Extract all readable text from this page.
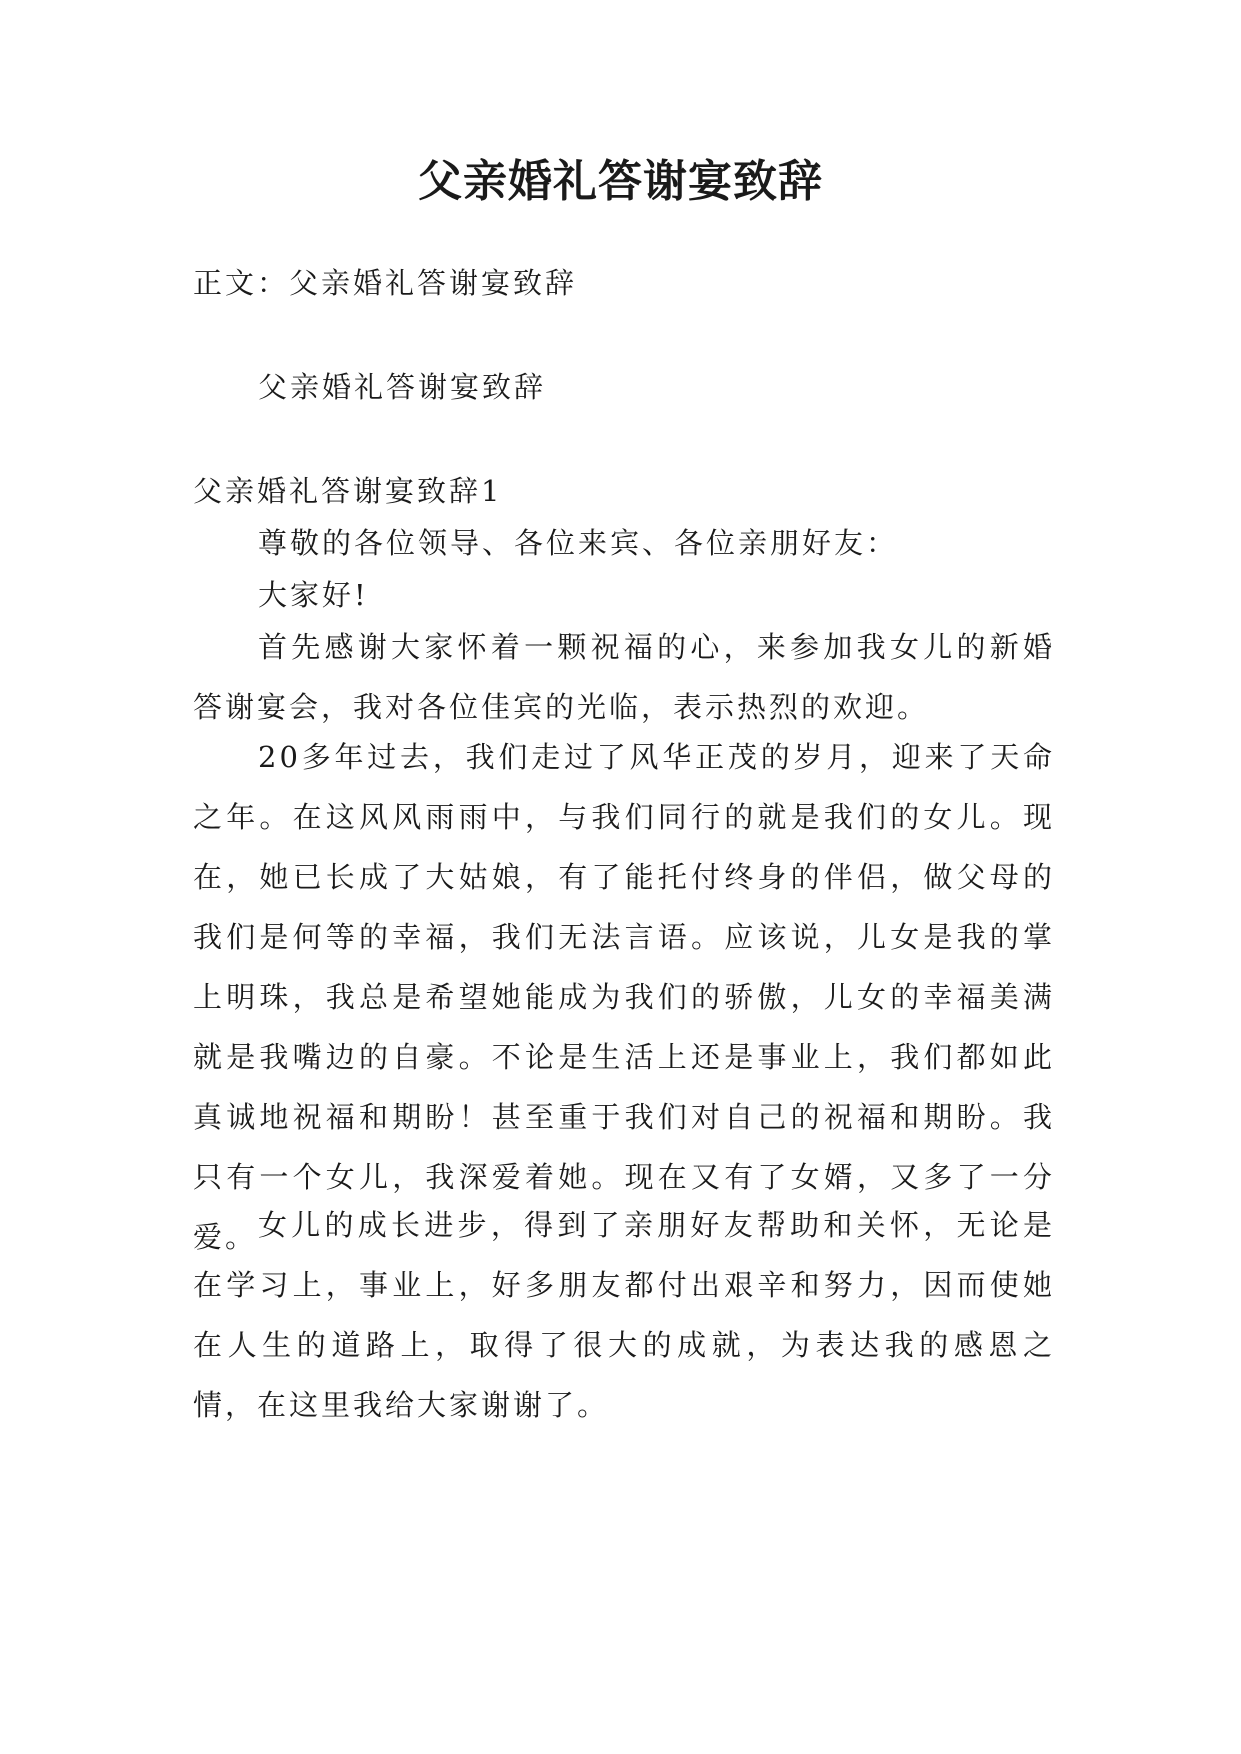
父亲婚礼答谢宴致辞
正文：父亲婚礼答谢宴致辞
父亲婚礼答谢宴致辞
父亲婚礼答谢宴致辞1
尊敬的各位领导、各位来宾、各位亲朋好友：
大家好!

首先感谢大家怀着一颗祝福的心，来参加我女儿的新婚答谢宴会，我对各位佳宾的光临，表示热烈的欢迎。

20多年过去，我们走过了风华正茂的岁月，迎来了天命之年。在这风风雨雨中，与我们同行的就是我们的女儿。现在，她已长成了大姑娘，有了能托付终身的伴侣，做父母的我们是何等的幸福，我们无法言语。应该说，儿女是我的掌上明珠，我总是希望她能成为我们的骄傲，儿女的幸福美满就是我嘴边的自豪。不论是生活上还是事业上，我们都如此真诚地祝福和期盼！甚至重于我们对自己的祝福和期盼。我只有一个女儿，我深爱着她。现在又有了女婿，又多了一分爱。 女儿的成长进步，得到了亲朋好友帮助和关怀，无论是在学习上，事业上，好多朋友都付出艰辛和努力，因而使她在人生的道路上，取得了很大的成就，为表达我的感恩之情，在这里我给大家谢谢了。
